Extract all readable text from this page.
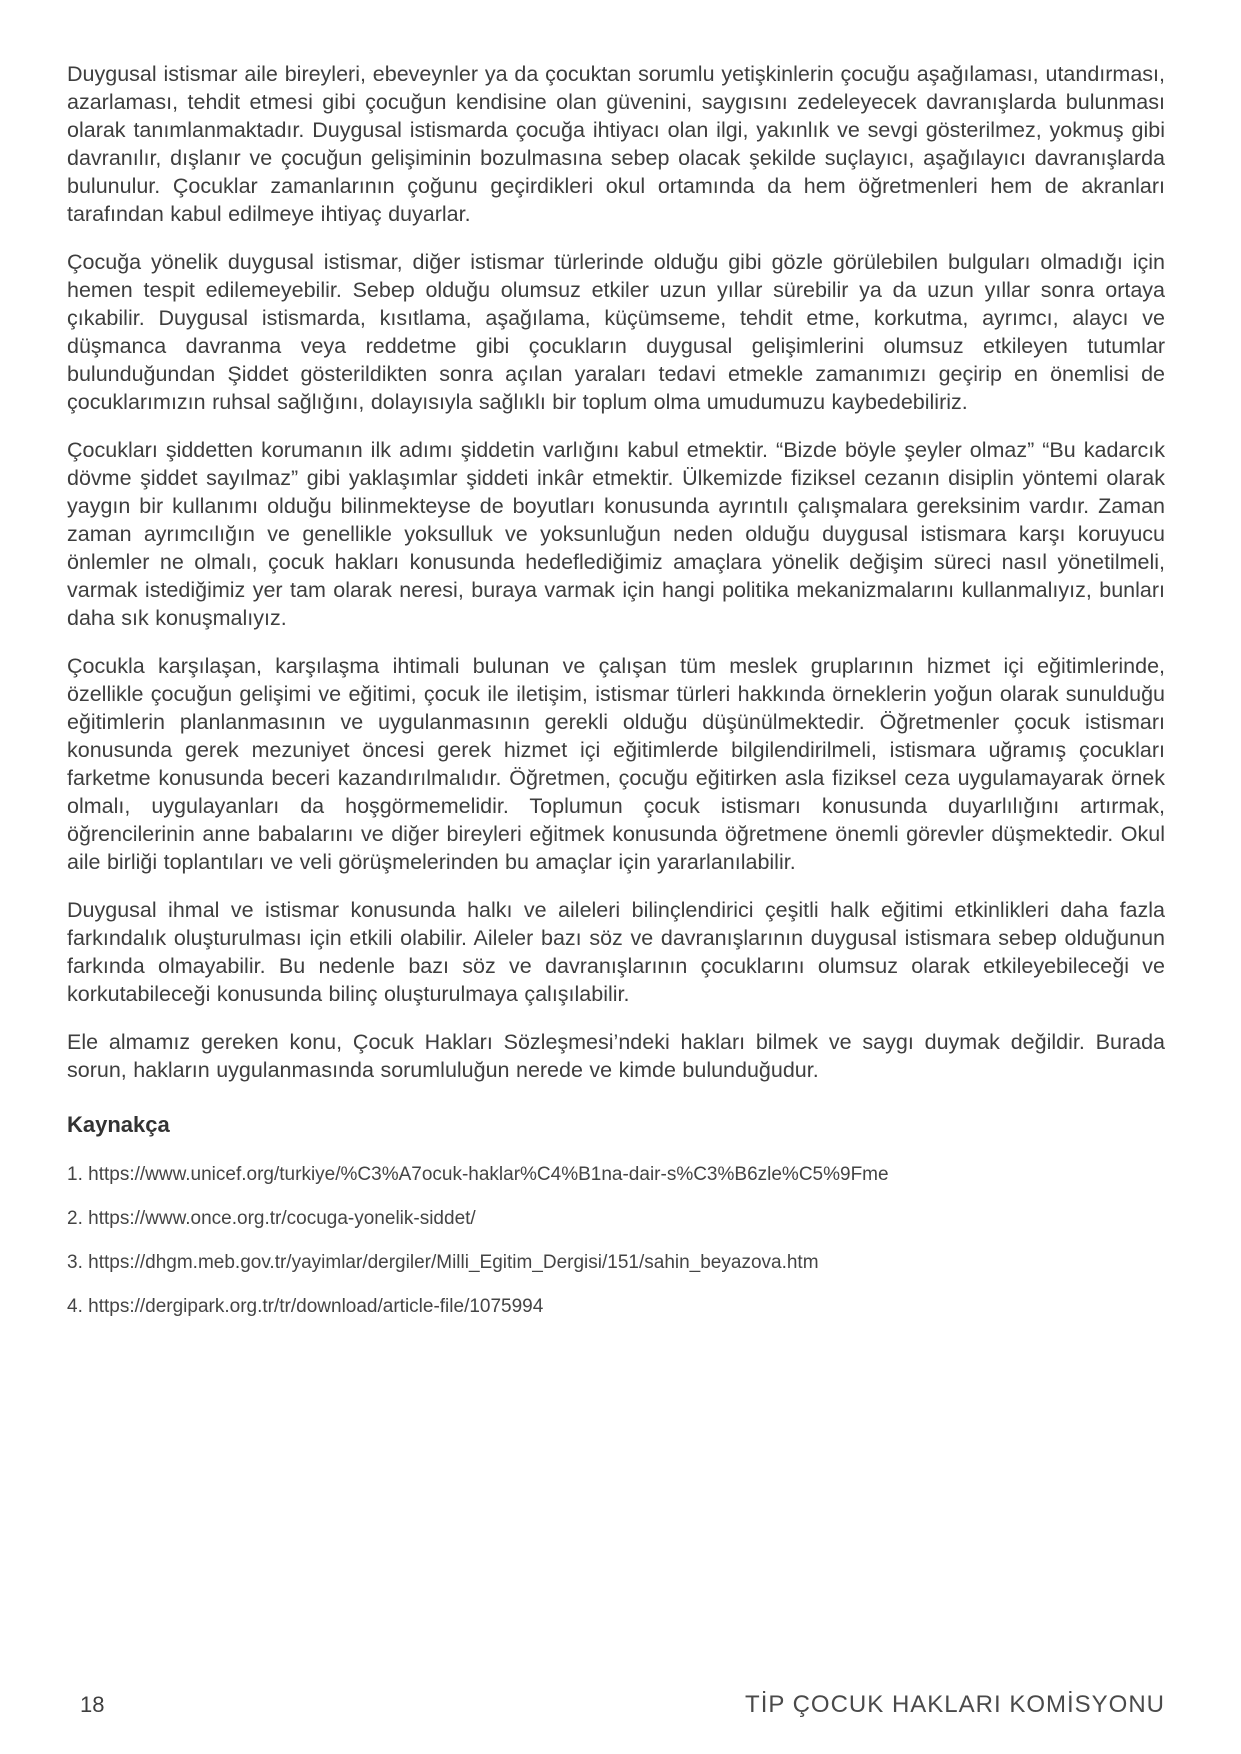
Duygusal istismar aile bireyleri, ebeveynler ya da çocuktan sorumlu yetişkinlerin çocuğu aşağılaması, utandırması, azarlaması, tehdit etmesi gibi çocuğun kendisine olan güvenini, saygısını zedeleyecek davranışlarda bulunması olarak tanımlanmaktadır. Duygusal istismarda çocuğa ihtiyacı olan ilgi, yakınlık ve sevgi gösterilmez, yokmuş gibi davranılır, dışlanır ve çocuğun gelişiminin bozulmasına sebep olacak şekilde suçlayıcı, aşağılayıcı davranışlarda bulunulur. Çocuklar zamanlarının çoğunu geçirdikleri okul ortamında da hem öğretmenleri hem de akranları tarafından kabul edilmeye ihtiyaç duyarlar.

Çocuğa yönelik duygusal istismar, diğer istismar türlerinde olduğu gibi gözle görülebilen bulguları olmadığı için hemen tespit edilemeyebilir. Sebep olduğu olumsuz etkiler uzun yıllar sürebilir ya da uzun yıllar sonra ortaya çıkabilir. Duygusal istismarda, kısıtlama, aşağılama, küçümseme, tehdit etme, korkutma, ayrımcı, alaycı ve düşmanca davranma veya reddetme gibi çocukların duygusal gelişimlerini olumsuz etkileyen tutumlar bulunduğundan Şiddet gösterildikten sonra açılan yaraları tedavi etmekle zamanımızı geçirip en önemlisi de çocuklarımızın ruhsal sağlığını, dolayısıyla sağlıklı bir toplum olma umudumuzu kaybedebiliriz.

Çocukları şiddetten korumanın ilk adımı şiddetin varlığını kabul etmektir. “Bizde böyle şeyler olmaz” “Bu kadarcık dövme şiddet sayılmaz” gibi yaklaşımlar şiddeti inkâr etmektir. Ülkemizde fiziksel cezanın disiplin yöntemi olarak yaygın bir kullanımı olduğu bilinmekteyse de boyutları konusunda ayrıntılı çalışmalara gereksinim vardır. Zaman zaman ayrımcılığın ve genellikle yoksulluk ve yoksunluğun neden olduğu duygusal istismara karşı koruyucu önlemler ne olmalı, çocuk hakları konusunda hedeflediğimiz amaçlara yönelik değişim süreci nasıl yönetilmeli, varmak istediğimiz yer tam olarak neresi, buraya varmak için hangi politika mekanizmalarını kullanmalıyız, bunları daha sık konuşmalıyız.

Çocukla karşılaşan, karşılaşma ihtimali bulunan ve çalışan tüm meslek gruplarının hizmet içi eğitimlerinde, özellikle çocuğun gelişimi ve eğitimi, çocuk ile iletişim, istismar türleri hakkında örneklerin yoğun olarak sunulduğu eğitimlerin planlanmasının ve uygulanmasının gerekli olduğu düşünülmektedir. Öğretmenler çocuk istismarı konusunda gerek mezuniyet öncesi gerek hizmet içi eğitimlerde bilgilendirilmeli, istismara uğramış çocukları farketme konusunda beceri kazandırılmalıdır. Öğretmen, çocuğu eğitirken asla fiziksel ceza uygulamayarak örnek olmalı, uygulayanları da hoşgörmemelidir. Toplumun çocuk istismarı konusunda duyarlılığını artırmak, öğrencilerinin anne babalarını ve diğer bireyleri eğitmek konusunda öğretmene önemli görevler düşmektedir. Okul aile birliği toplantıları ve veli görüşmelerinden bu amaçlar için yararlanılabilir.

Duygusal ihmal ve istismar konusunda halkı ve aileleri bilinçlendirici çeşitli halk eğitimi etkinlikleri daha fazla farkındalık oluşturulması için etkili olabilir. Aileler bazı söz ve davranışlarının duygusal istismara sebep olduğunun farkında olmayabilir. Bu nedenle bazı söz ve davranışlarının çocuklarını olumsuz olarak etkileyebileceği ve korkutabileceği konusunda bilinç oluşturulmaya çalışılabilir.

Ele almamız gereken konu, Çocuk Hakları Sözleşmesi’ndeki hakları bilmek ve saygı duymak değildir. Burada sorun, hakların uygulanmasında sorumluluğun nerede ve kimde bulunduğudur.

Kaynakça
1. https://www.unicef.org/turkiye/%C3%A7ocuk-haklar%C4%B1na-dair-s%C3%B6zle%C5%9Fme
2. https://www.once.org.tr/cocuga-yonelik-siddet/
3. https://dhgm.meb.gov.tr/yayimlar/dergiler/Milli_Egitim_Dergisi/151/sahin_beyazova.htm
4. https://dergipark.org.tr/tr/download/article-file/1075994
18	TİP ÇOCUK HAKLARI KOMİSYONU
